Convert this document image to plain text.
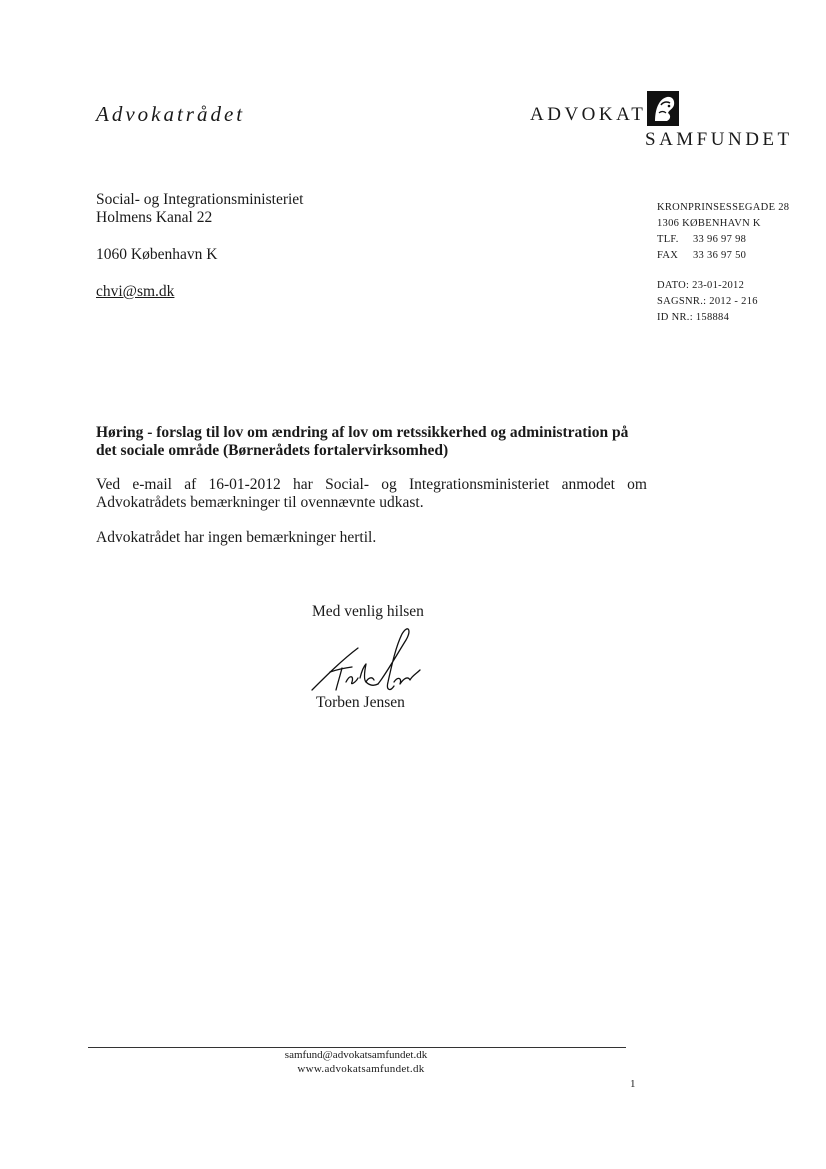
Advokatrådet	ADVOKAT
SAMFUNDET
Social- og Integrationsministeriet
Holmens Kanal 22
1060 København K
chvi@sm.dk
KRONPRINSESSEGADE 28
1306 KØBENHAVN K
TLF. 33 96 97 98
FAX 33 36 97 50
DATO: 23-01-2012
SAGSNR.: 2012 - 216
ID NR.: 158884
Høring - forslag til lov om ændring af lov om retssikkerhed og administration på det sociale område (Børnerådets fortalervirksomhed)
Ved e-mail af 16-01-2012 har Social- og Integrationsministeriet anmodet om Advokatrådets bemærkninger til ovennævnte udkast.
Advokatrådet har ingen bemærkninger hertil.
Med venlig hilsen
Torben Jensen
samfund@advokatsamfundet.dk
www.advokatsamfundet.dk
1
